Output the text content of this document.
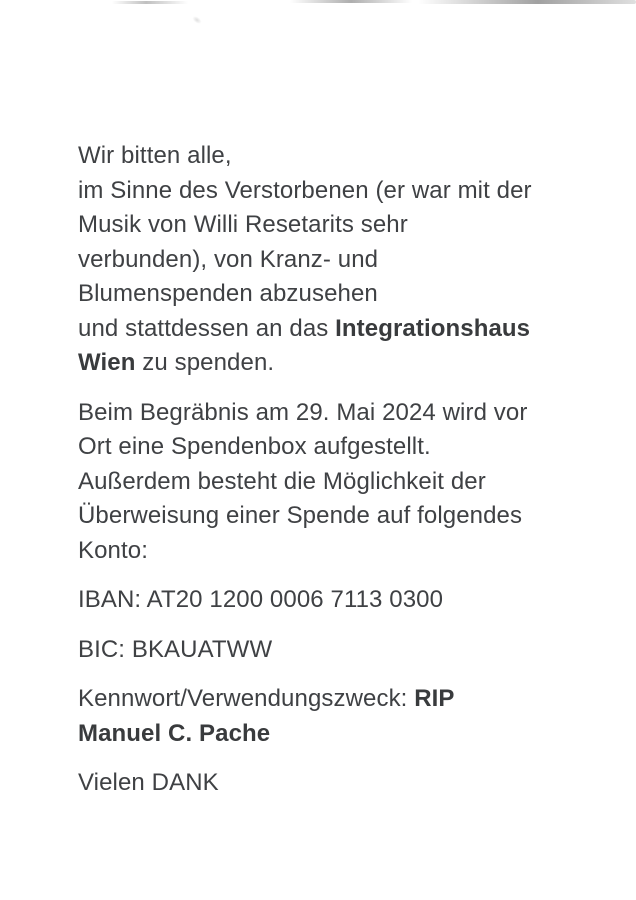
Wir bitten alle,
im Sinne des Verstorbenen (er war mit der
Musik von Willi Resetarits sehr
verbunden), von Kranz- und
Blumenspenden abzusehen
und stattdessen an das Integrationshaus
Wien zu spenden.
Beim Begräbnis am 29. Mai 2024 wird vor
Ort eine Spendenbox aufgestellt.
Außerdem besteht die Möglichkeit der
Überweisung einer Spende auf folgendes
Konto:
IBAN: AT20 1200 0006 7113 0300
BIC: BKAUATWW
Kennwort/Verwendungszweck: RIP
Manuel C. Pache
Vielen DANK
